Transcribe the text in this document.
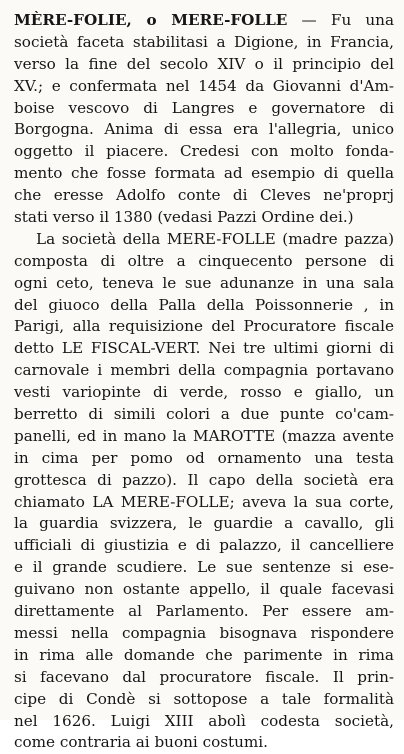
MÈRE-FOLIE, o MERE-FOLLE — Fu una
società faceta stabilitasi a Digione, in Francia,
verso la fine del secolo XIV o il principio del
XV.; e confermata nel 1454 da Giovanni d'Am-
boise vescovo di Langres e governatore di
Borgogna. Anima di essa era l'allegria, unico
oggetto il piacere. Credesi con molto fonda-
mento che fosse formata ad esempio di quella
che eresse Adolfo conte di Cleves ne'proprj
stati verso il 1380 (vedasi Pazzi Ordine dei.)
La società della MERE-FOLLE (madre pazza)
composta di oltre a cinquecento persone di
ogni ceto, teneva le sue adunanze in una sala
del giuoco della Palla della Poissonnerie , in
Parigi, alla requisizione del Procuratore fiscale
detto LE FISCAL-VERT. Nei tre ultimi giorni di
carnovale i membri della compagnia portavano
vesti variopinte di verde, rosso e giallo, un
berretto di simili colori a due punte co'cam-
panelli, ed in mano la MAROTTE (mazza avente
in cima per pomo od ornamento una testa
grottesca di pazzo). Il capo della società era
chiamato LA MERE-FOLLE; aveva la sua corte,
la guardia svizzera, le guardie a cavallo, gli
ufficiali di giustizia e di palazzo, il cancelliere
e il grande scudiere. Le sue sentenze si ese-
guivano non ostante appello, il quale facevasi
direttamente al Parlamento. Per essere am-
messi nella compagnia bisognava rispondere
in rima alle domande che parimente in rima
si facevano dal procuratore fiscale. Il prin-
cipe di Condè si sottopose a tale formalità
nel 1626. Luigi XIII abolì codesta società,
come contraria ai buoni costumi.
